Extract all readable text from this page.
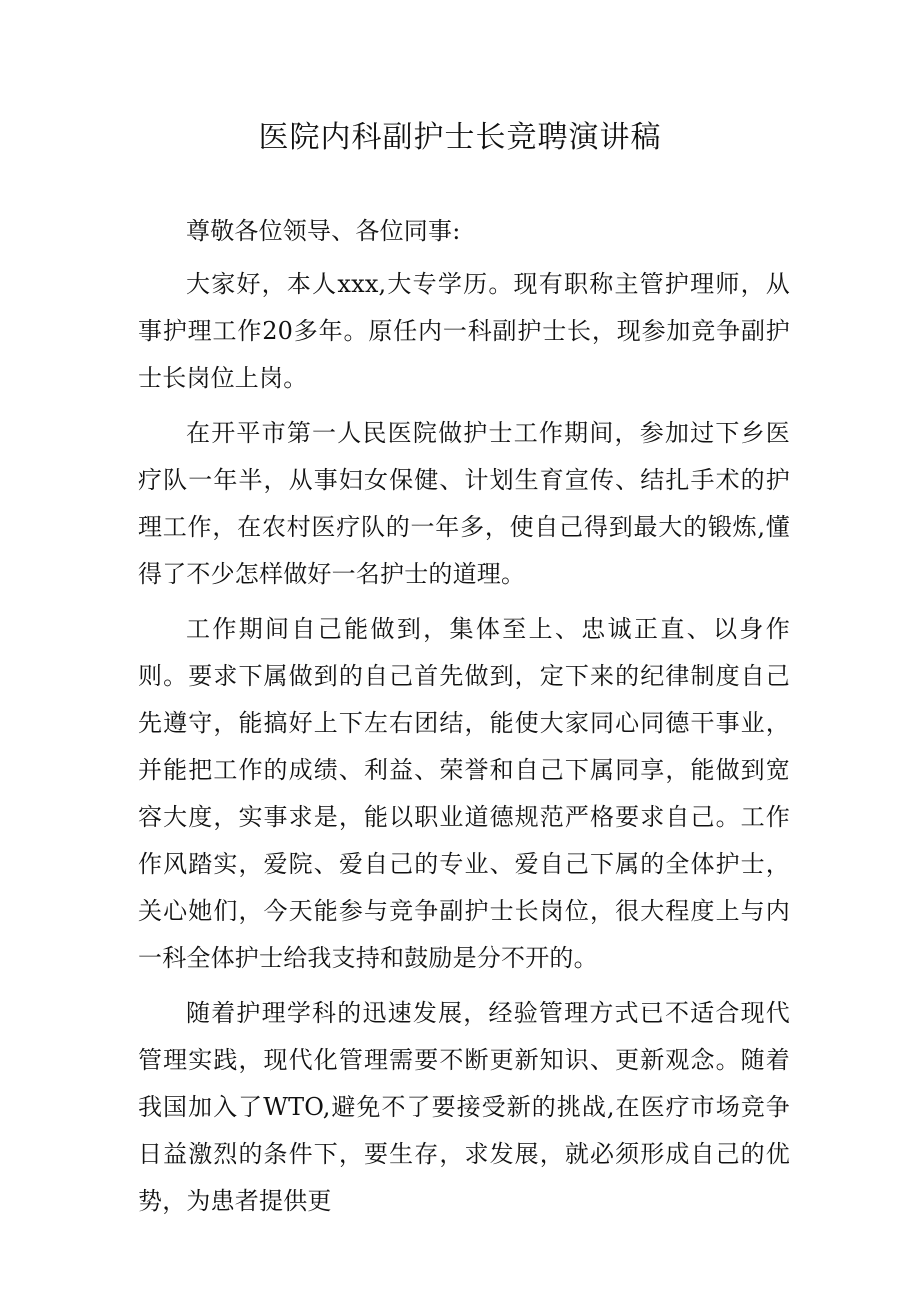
医院内科副护士长竞聘演讲稿

尊敬各位领导、各位同事:

大家好，本人xxx,大专学历。现有职称主管护理师，从事护理工作20多年。原任内一科副护士长，现参加竞争副护士长岗位上岗。

在开平市第一人民医院做护士工作期间，参加过下乡医疗队一年半，从事妇女保健、计划生育宣传、结扎手术的护理工作，在农村医疗队的一年多，使自己得到最大的锻炼,懂得了不少怎样做好一名护士的道理。

工作期间自己能做到，集体至上、忠诚正直、以身作则。要求下属做到的自己首先做到，定下来的纪律制度自己先遵守，能搞好上下左右团结，能使大家同心同德干事业，并能把工作的成绩、利益、荣誉和自己下属同享，能做到宽容大度，实事求是，能以职业道德规范严格要求自己。工作作风踏实，爱院、爱自己的专业、爱自己下属的全体护士，关心她们，今天能参与竞争副护士长岗位，很大程度上与内一科全体护士给我支持和鼓励是分不开的。

随着护理学科的迅速发展，经验管理方式已不适合现代管理实践，现代化管理需要不断更新知识、更新观念。随着我国加入了WTO,避免不了要接受新的挑战,在医疗市场竞争日益激烈的条件下，要生存，求发展，就必须形成自己的优势，为患者提供更
